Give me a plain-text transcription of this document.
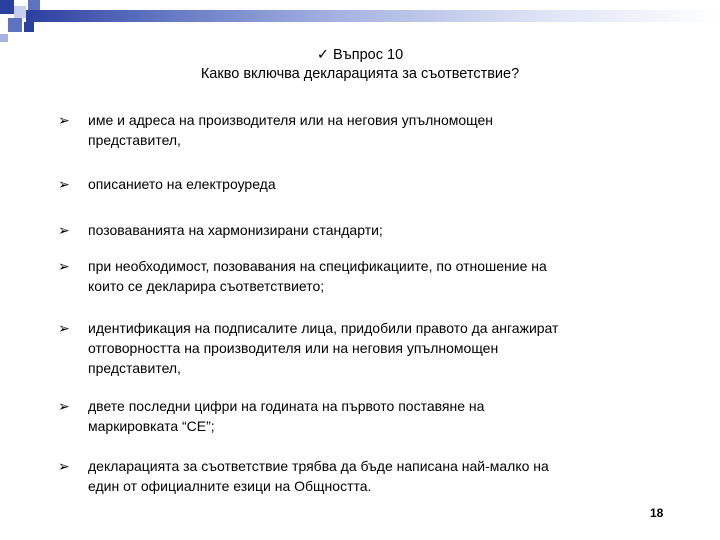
✓ Въпрос 10
Какво включва декларацията за съответствие?
➢ име и адреса на производителя или на неговия упълномощен
представител,
➢ описанието на електроуреда
➢ позоваванията на хармонизирани стандарти;
➢ при необходимост, позовавания на спецификациите, по отношение на
които се декларира съответствието;
➢ идентификация на подписалите лица, придобили правото да ангажират
отговорността на производителя или на неговия упълномощен
представител,
➢ двете последни цифри на годината на първото поставяне на
маркировката “CE”;
➢ декларацията за съответствие трябва да бъде написана най-малко на
един от официалните езици на Общността.
18
